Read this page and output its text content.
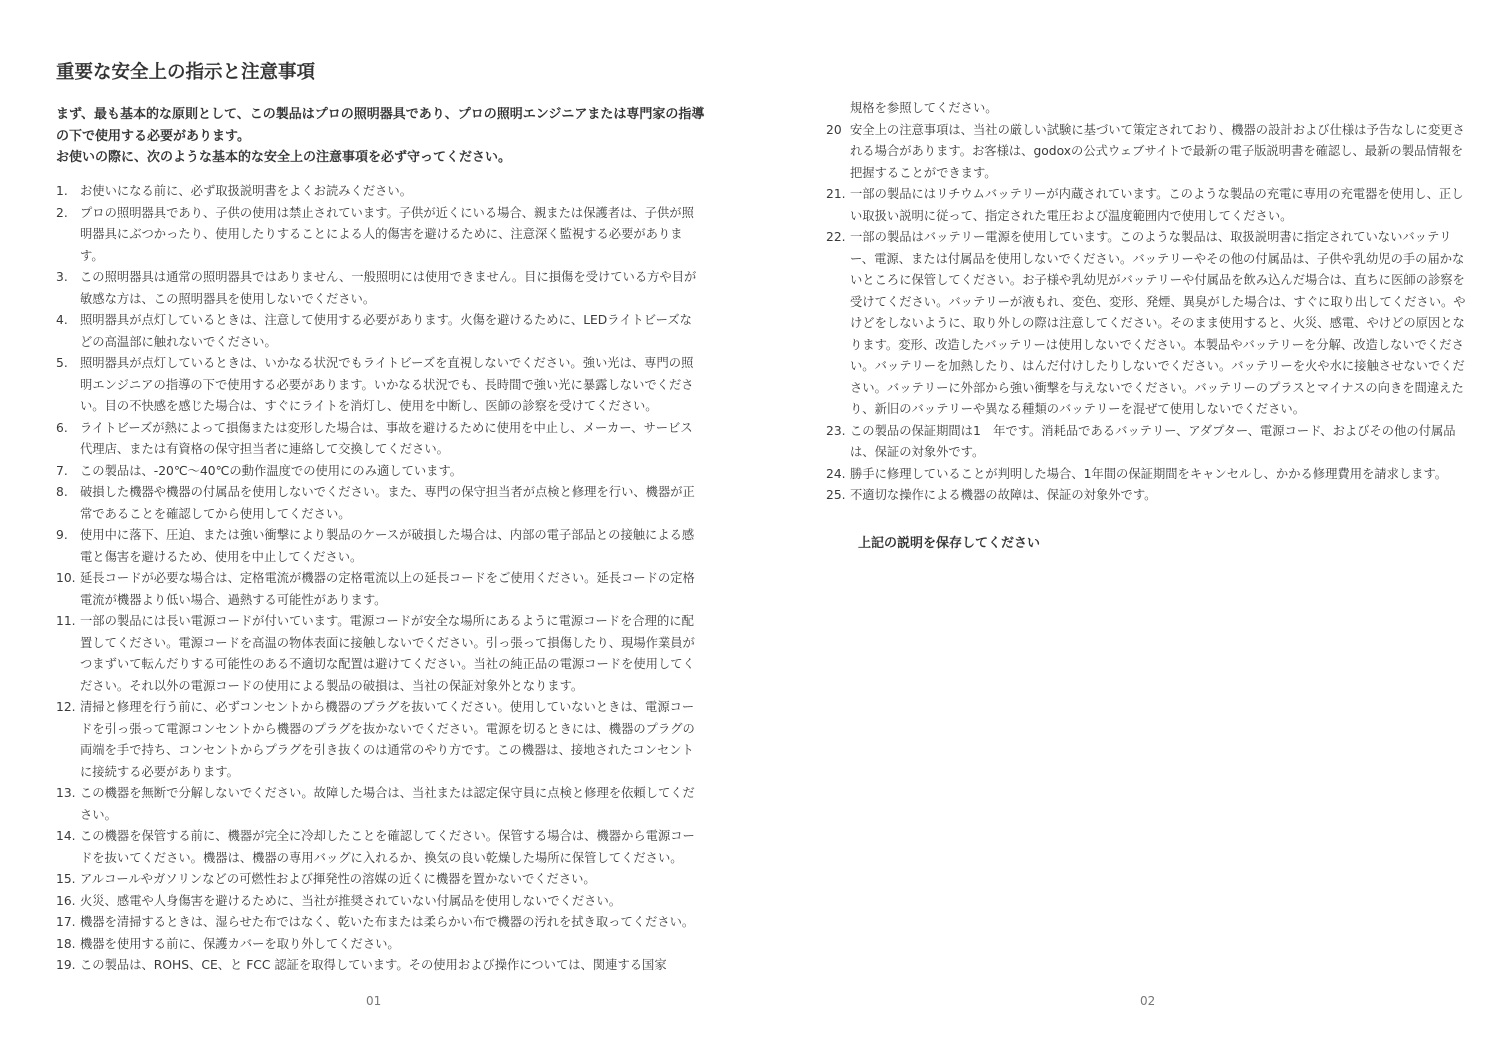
重要な安全上の指示と注意事項

まず、最も基本的な原則として、この製品はプロの照明器具であり、プロの照明エンジニアまたは専門家の指導の下で使用する必要があります。

お使いの際に、次のような基本的な安全上の注意事項を必ず守ってください。

1. お使いになる前に、必ず取扱説明書をよくお読みください。
2. プロの照明器具であり、子供の使用は禁止されています。子供が近くにいる場合、親または保護者は、子供が照明器具にぶつかったり、使用したりすることによる人的傷害を避けるために、注意深く監視する必要があります。
3. この照明器具は通常の照明器具ではありません、一般照明には使用できません。目に損傷を受けている方や目が敏感な方は、この照明器具を使用しないでください。
4. 照明器具が点灯しているときは、注意して使用する必要があります。火傷を避けるために、LEDライトビーズなどの高温部に触れないでください。
5. 照明器具が点灯しているときは、いかなる状況でもライトビーズを直視しないでください。強い光は、専門の照明エンジニアの指導の下で使用する必要があります。いかなる状況でも、長時間で強い光に暴露しないでください。目の不快感を感じた場合は、すぐにライトを消灯し、使用を中断し、医師の診察を受けてください。
6. ライトビーズが熱によって損傷または変形した場合は、事故を避けるために使用を中止し、メーカー、サービス代理店、または有資格の保守担当者に連絡して交換してください。
7. この製品は、-20℃～40℃の動作温度での使用にのみ適しています。
8. 破損した機器や機器の付属品を使用しないでください。また、専門の保守担当者が点検と修理を行い、機器が正常であることを確認してから使用してください。
9. 使用中に落下、圧迫、または強い衝撃により製品のケースが破損した場合は、内部の電子部品との接触による感電と傷害を避けるため、使用を中止してください。
10. 延長コードが必要な場合は、定格電流が機器の定格電流以上の延長コードをご使用ください。延長コードの定格電流が機器より低い場合、過熱する可能性があります。
11. 一部の製品には長い電源コードが付いています。電源コードが安全な場所にあるように電源コードを合理的に配置してください。電源コードを高温の物体表面に接触しないでください。引っ張って損傷したり、現場作業員がつまずいて転んだりする可能性のある不適切な配置は避けてください。当社の純正品の電源コードを使用してください。それ以外の電源コードの使用による製品の破損は、当社の保証対象外となります。
12. 清掃と修理を行う前に、必ずコンセントから機器のプラグを抜いてください。使用していないときは、電源コードを引っ張って電源コンセントから機器のプラグを抜かないでください。電源を切るときには、機器のプラグの両端を手で持ち、コンセントからプラグを引き抜くのは通常のやり方です。この機器は、接地されたコンセントに接続する必要があります。
13. この機器を無断で分解しないでください。故障した場合は、当社または認定保守員に点検と修理を依頼してください。
14. この機器を保管する前に、機器が完全に冷却したことを確認してください。保管する場合は、機器から電源コードを抜いてください。機器は、機器の専用バッグに入れるか、換気の良い乾燥した場所に保管してください。
15. アルコールやガソリンなどの可燃性および揮発性の溶媒の近くに機器を置かないでください。
16. 火災、感電や人身傷害を避けるために、当社が推奨されていない付属品を使用しないでください。
17. 機器を清掃するときは、湿らせた布ではなく、乾いた布または柔らかい布で機器の汚れを拭き取ってください。
18. 機器を使用する前に、保護カバーを取り外してください。
19. この製品は、ROHS、CE、と FCC 認証を取得しています。その使用および操作については、関連する国家
01
規格を参照してください。
20 安全上の注意事項は、当社の厳しい試験に基づいて策定されており、機器の設計および仕様は予告なしに変更される場合があります。お客様は、godoxの公式ウェブサイトで最新の電子版説明書を確認し、最新の製品情報を把握することができます。
21. 一部の製品にはリチウムバッテリーが内蔵されています。このような製品の充電に専用の充電器を使用し、正しい取扱い説明に従って、指定された電圧および温度範囲内で使用してください。
22. 一部の製品はバッテリー電源を使用しています。このような製品は、取扱説明書に指定されていないバッテリー、電源、または付属品を使用しないでください。バッテリーやその他の付属品は、子供や乳幼児の手の届かないところに保管してください。お子様や乳幼児がバッテリーや付属品を飲み込んだ場合は、直ちに医師の診察を受けてください。バッテリーが液もれ、変色、変形、発煙、異臭がした場合は、すぐに取り出してください。やけどをしないように、取り外しの際は注意してください。そのまま使用すると、火災、感電、やけどの原因となります。変形、改造したバッテリーは使用しないでください。本製品やバッテリーを分解、改造しないでください。バッテリーを加熱したり、はんだ付けしたりしないでください。バッテリーを火や水に接触させないでください。バッテリーに外部から強い衝撃を与えないでください。バッテリーのプラスとマイナスの向きを間違えたり、新旧のバッテリーや異なる種類のバッテリーを混ぜて使用しないでください。
23. この製品の保証期間は1　年です。消耗品であるバッテリー、アダプター、電源コード、およびその他の付属品は、保証の対象外です。
24. 勝手に修理していることが判明した場合、1年間の保証期間をキャンセルし、かかる修理費用を請求します。
25. 不適切な操作による機器の故障は、保証の対象外です。

上記の説明を保存してください

02
